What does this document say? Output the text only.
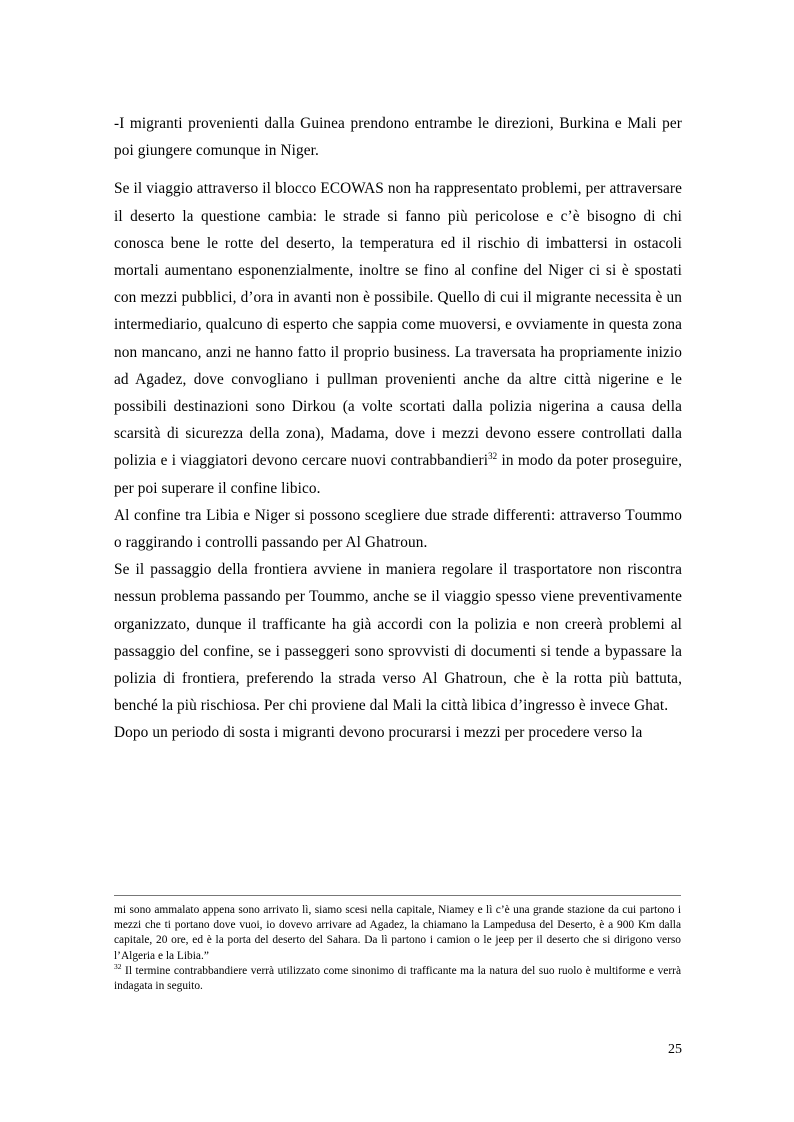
-I migranti provenienti dalla Guinea prendono entrambe le direzioni, Burkina e Mali per poi giungere comunque in Niger.

Se il viaggio attraverso il blocco ECOWAS non ha rappresentato problemi, per attraversare il deserto la questione cambia: le strade si fanno più pericolose e c’è bisogno di chi conosca bene le rotte del deserto, la temperatura ed il rischio di imbattersi in ostacoli mortali aumentano esponenzialmente, inoltre se fino al confine del Niger ci si è spostati con mezzi pubblici, d’ora in avanti non è possibile. Quello di cui il migrante necessita è un intermediario, qualcuno di esperto che sappia come muoversi, e ovviamente in questa zona non mancano, anzi ne hanno fatto il proprio business. La traversata ha propriamente inizio ad Agadez, dove convogliano i pullman provenienti anche da altre città nigerine e le possibili destinazioni sono Dirkou (a volte scortati dalla polizia nigerina a causa della scarsità di sicurezza della zona), Madama, dove i mezzi devono essere controllati dalla polizia e i viaggiatori devono cercare nuovi contrabbandieri$^{32}$ in modo da poter proseguire, per poi superare il confine libico.

Al confine tra Libia e Niger si possono scegliere due strade differenti: attraverso Tоummo o raggirando i controlli passando per Al Ghatroun.

Se il passaggio della frontiera avviene in maniera regolare il trasportatore non riscontra nessun problema passando per Toummo, anche se il viaggio spesso viene preventivamente organizzato, dunque il trafficante ha già accordi con la polizia e non creerà problemi al passaggio del confine, se i passeggeri sono sprovvisti di documenti si tende a bypassare la polizia di frontiera, preferendo la strada verso Al Ghatroun, che è la rotta più battuta, benché la più rischiosa. Per chi proviene dal Mali la città libica d’ingresso è invece Ghat.

Dopo un periodo di sosta i migranti devono procurarsi i mezzi per procedere verso la

mi sono ammalato appena sono arrivato lì, siamo scesi nella capitale, Niamey e lì c’è una grande stazione da cui partono i mezzi che ti portano dove vuoi, io dovevo arrivare ad Agadez, la chiamano la Lampedusa del Deserto, è a 900 Km dalla capitale, 20 ore, ed è la porta del deserto del Sahara. Da lì partono i camion o le jeep per il deserto che si dirigono verso l’Algeria e la Libia.”

$^{32}$ Il termine contrabbandiere verrà utilizzato come sinonimo di trafficante ma la natura del suo ruolo è multiforme e verrà indagata in seguito.

25
